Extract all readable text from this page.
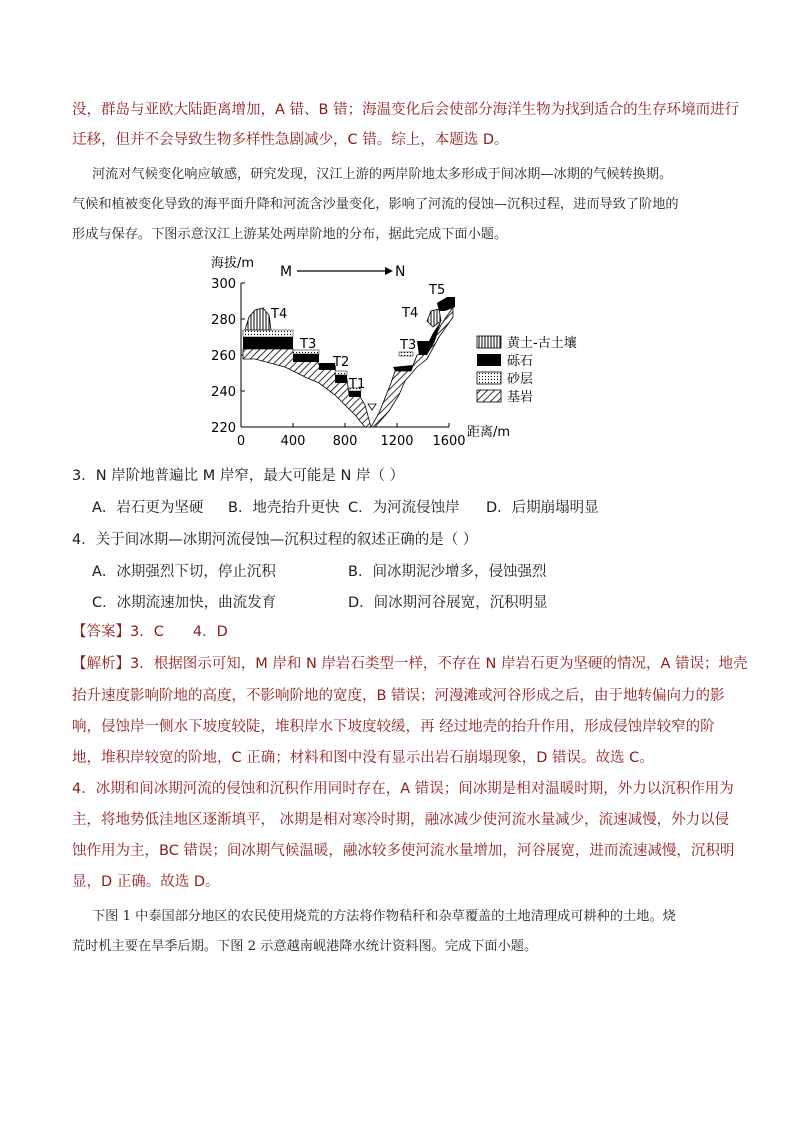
没，群岛与亚欧大陆距离增加，A 错、B 错；海温变化后会使部分海洋生物为找到适合的生存环境而进行
迁移，但并不会导致生物多样性急剧减少，C 错。综上，本题选 D。
河流对气候变化响应敏感，研究发现，汉江上游的两岸阶地太多形成于间冰期—冰期的气候转换期。
气候和植被变化导致的海平面升降和河流含沙量变化，影响了河流的侵蚀—沉积过程，进而导致了阶地的
形成与保存。下图示意汉江上游某处两岸阶地的分布，据此完成下面小题。
海拔/m
距离/m
300
280
260
240
220
0	400 800 1200 1600
M	N
T4
T3
T2
T1
T3
T4
T5
黄土-古土壤
砾石
砂层
基岩
3．N 岸阶地普遍比 M 岸窄，最大可能是 N 岸（ ）
A．岩石更为坚硬 B．地壳抬升更快 C．为河流侵蚀岸 D．后期崩塌明显
4．关于间冰期—冰期河流侵蚀—沉积过程的叙述正确的是（ ）
A．冰期强烈下切，停止沉积	B．间冰期泥沙增多，侵蚀强烈
C．冰期流速加快，曲流发育	D．间冰期河谷展宽，沉积明显
【答案】3．C　　4．D
【解析】3．根据图示可知，M 岸和 N 岸岩石类型一样，不存在 N 岸岩石更为坚硬的情况，A 错误；地壳
抬升速度影响阶地的高度，不影响阶地的宽度，B 错误；河漫滩或河谷形成之后，由于地转偏向力的影
响，侵蚀岸一侧水下坡度较陡，堆积岸水下坡度较缓，再 经过地壳的抬升作用，形成侵蚀岸较窄的阶
地，堆积岸较宽的阶地，C 正确；材料和图中没有显示出岩石崩塌现象，D 错误。故选 C。
4．冰期和间冰期河流的侵蚀和沉积作用同时存在，A 错误；间冰期是相对温暖时期，外力以沉积作用为
主，将地势低洼地区逐渐填平， 冰期是相对寒冷时期，融冰减少使河流水量减少，流速减慢，外力以侵
蚀作用为主，BC 错误；间冰期气候温暖，融冰较多使河流水量增加，河谷展宽，进而流速减慢，沉积明
显，D 正确。故选 D。
下图 1 中泰国部分地区的农民使用烧荒的方法将作物秸秆和杂草覆盖的土地清理成可耕种的土地。烧
荒时机主要在旱季后期。下图 2 示意越南岘港降水统计资料图。完成下面小题。
